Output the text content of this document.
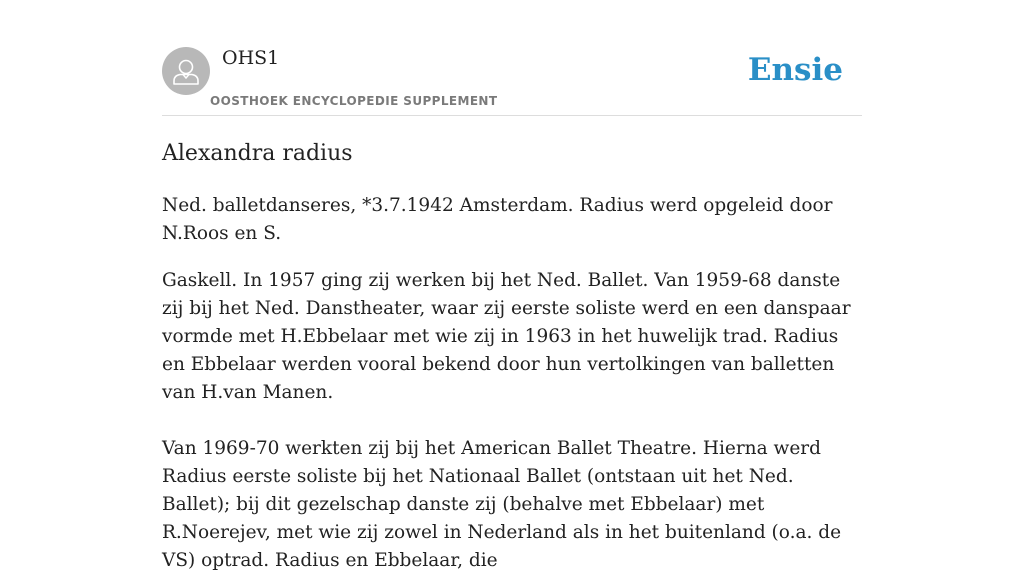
OHS1
OOSTHOEK ENCYCLOPEDIE SUPPLEMENT
Ensie
Alexandra radius

Ned. balletdanseres, *3.7.1942 Amsterdam. Radius werd opgeleid door N.Roos en S.

Gaskell. In 1957 ging zij werken bij het Ned. Ballet. Van 1959-68 danste zij bij het Ned. Danstheater, waar zij eerste soliste werd en een danspaar vormde met H.Ebbelaar met wie zij in 1963 in het huwelijk trad. Radius en Ebbelaar werden vooral bekend door hun vertolkingen van balletten van H.van Manen.

Van 1969-70 werkten zij bij het American Ballet Theatre. Hierna werd Radius eerste soliste bij het Nationaal Ballet (ontstaan uit het Ned. Ballet); bij dit gezelschap danste zij (behalve met Ebbelaar) met R.Noerejev, met wie zij zowel in Nederland als in het buitenland (o.a. de VS) optrad. Radius en Ebbelaar, die
